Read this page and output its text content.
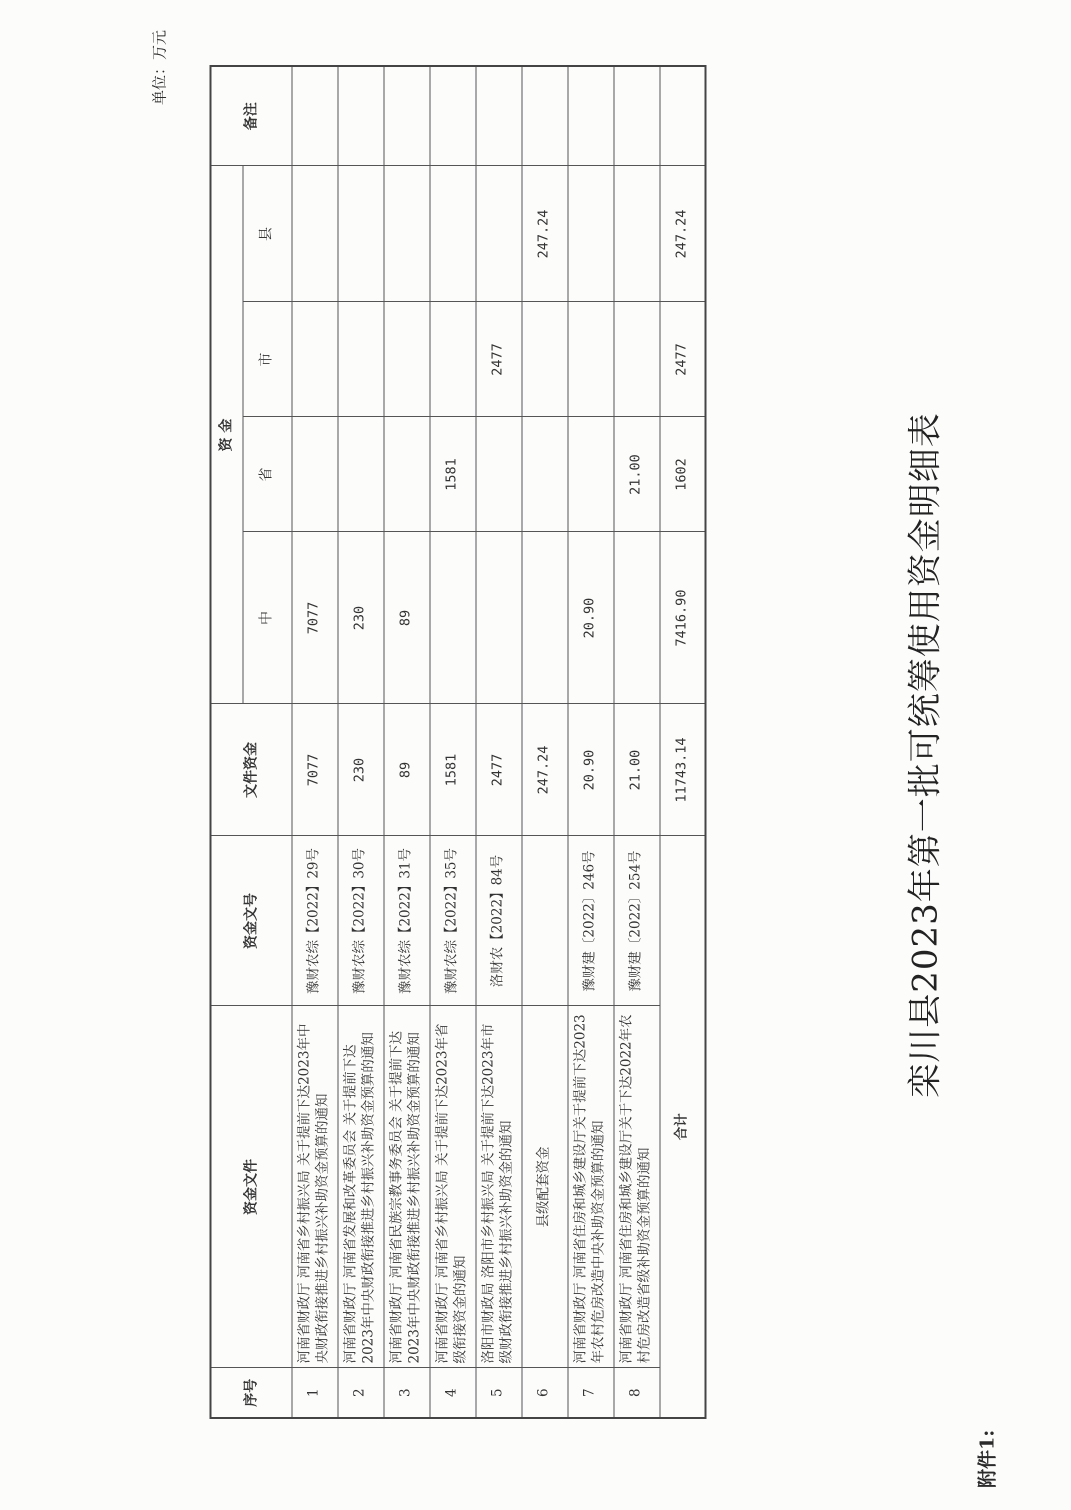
附件1:
栾川县2023年第一批可统筹使用资金明细表
单位：万元
序号	资金文件	资金文号	文件资金	资 金				备注
				中	省	市	县	
1	河南省财政厅 河南省乡村振兴局 关于提前下达2023年中央财政衔接推进乡村振兴补助资金预算的通知	豫财农综【2022】29号	7077	7077				
2	河南省财政厅 河南省发展和改革委员会 关于提前下达2023年中央财政衔接推进乡村振兴补助资金预算的通知	豫财农综【2022】30号	230	230				
3	河南省财政厅 河南省民族宗教事务委员会 关于提前下达2023年中央财政衔接推进乡村振兴补助资金预算的通知	豫财农综【2022】31号	89	89				
4	河南省财政厅 河南省乡村振兴局 关于提前下达2023年省级衔接资金的通知	豫财农综【2022】35号	1581		1581			
5	洛阳市财政局 洛阳市乡村振兴局 关于提前下达2023年市级财政衔接推进乡村振兴补助资金的通知	洛财农【2022】84号	2477			2477		
6	县级配套资金		247.24				247.24	
7	河南省财政厅 河南省住房和城乡建设厅关于提前下达2023年农村危房改造中央补助资金预算的通知	豫财建〔2022〕246号	20.90	20.90				
8	河南省财政厅 河南省住房和城乡建设厅关于下达2022年农村危房改造省级补助资金预算的通知	豫财建〔2022〕254号	21.00		21.00			
合计			11743.14	7416.90	1602	2477	247.24	
